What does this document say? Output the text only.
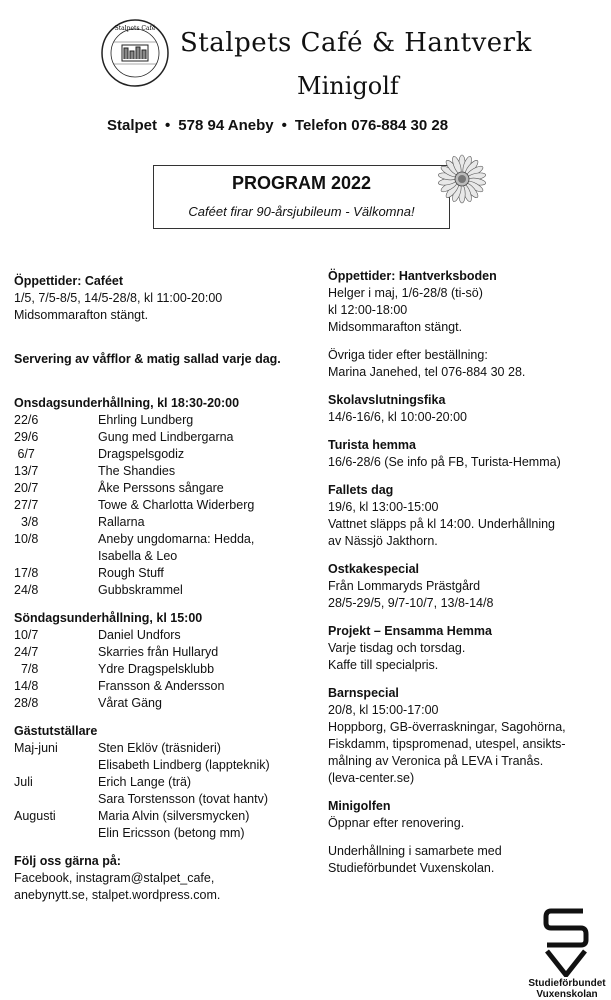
Stalpets Café Stalpets Café & Hantverk
Minigolf
Stalpet • 578 94 Aneby • Telefon 076-884 30 28
PROGRAM 2022
Caféet firar 90-årsjubileum - Välkomna!
Öppettider: Caféet
1/5, 7/5-8/5, 14/5-28/8, kl 11:00-20:00
Midsommarafton stängt.
Servering av våfflor & matig sallad varje dag.
Onsdagsunderhållning, kl 18:30-20:00
22/6	Ehrling Lundberg
29/6	Gung med Lindbergarna
6/7	Dragspelsgodiz
13/7	The Shandies
20/7	Åke Perssons sångare
27/7	Towe & Charlotta Widerberg
3/8	Rallarna
10/8	Aneby ungdomarna: Hedda,
Isabella & Leo
17/8	Rough Stuff
24/8	Gubbskrammel
Söndagsunderhållning, kl 15:00
10/7	Daniel Undfors
24/7	Skarries från Hullaryd
7/8	Ydre Dragspelsklubb
14/8	Fransson & Andersson
28/8	Vårat Gäng
Gästutställare
Maj-juni	Sten Eklöv (träsnideri)
Elisabeth Lindberg (lappteknik)
Juli	Erich Lange (trä)
Sara Torstensson (tovat hantv)
Augusti	Maria Alvin (silversmycken)
Elin Ericsson (betong mm)
Följ oss gärna på:
Facebook, instagram@stalpet_cafe,
anebynytt.se, stalpet.wordpress.com.
Öppettider: Hantverksboden
Helger i maj, 1/6-28/8 (ti-sö)
kl 12:00-18:00
Midsommarafton stängt.
Övriga tider efter beställning:
Marina Janehed, tel 076-884 30 28.
Skolavslutningsfika
14/6-16/6, kl 10:00-20:00
Turista hemma
16/6-28/6 (Se info på FB, Turista-Hemma)
Fallets dag
19/6, kl 13:00-15:00
Vattnet släpps på kl 14:00. Underhållning
av Nässjö Jakthorn.
Ostkakespecial
Från Lommaryds Prästgård
28/5-29/5, 9/7-10/7, 13/8-14/8
Projekt – Ensamma Hemma
Varje tisdag och torsdag.
Kaffe till specialpris.
Barnspecial
20/8, kl 15:00-17:00
Hoppborg, GB-överraskningar, Sagohörna,
Fiskdamm, tipspromenad, utespel, ansikts-
målning av Veronica på LEVA i Tranås.
(leva-center.se)
Minigolfen
Öppnar efter renovering.
Underhållning i samarbete med
Studieförbundet Vuxenskolan.
Studieförbundet
Vuxenskolan
